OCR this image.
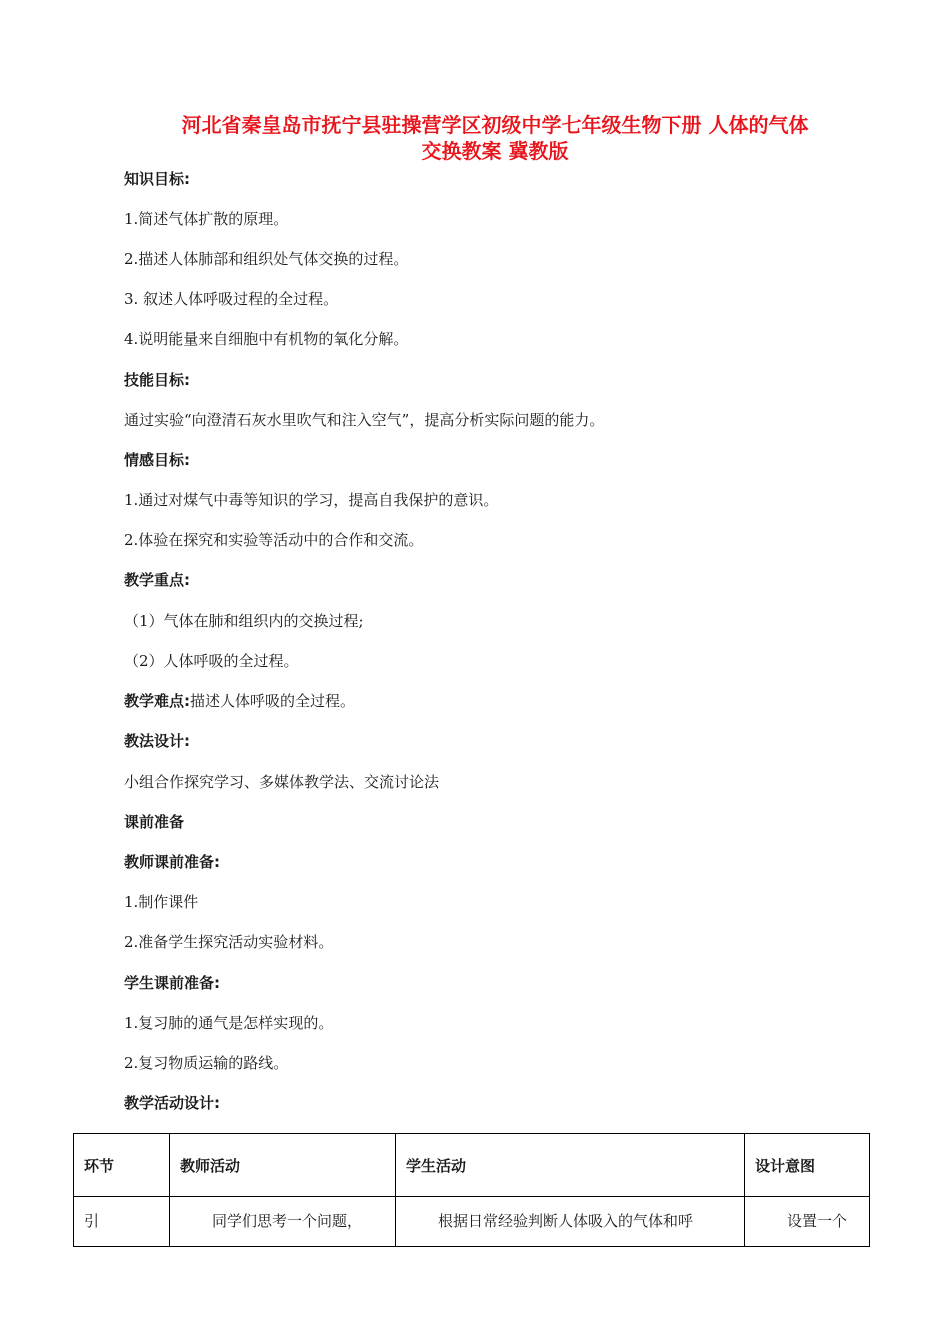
河北省秦皇岛市抚宁县驻操营学区初级中学七年级生物下册 人体的气体
交换教案 冀教版
知识目标:
1.简述气体扩散的原理。
2.描述人体肺部和组织处气体交换的过程。
3. 叙述人体呼吸过程的全过程。
4.说明能量来自细胞中有机物的氧化分解。
技能目标:
通过实验“向澄清石灰水里吹气和注入空气”，提高分析实际问题的能力。
情感目标:
1.通过对煤气中毒等知识的学习，提高自我保护的意识。
2.体验在探究和实验等活动中的合作和交流。
教学重点:
（1）气体在肺和组织内的交换过程;
（2）人体呼吸的全过程。
教学难点:描述人体呼吸的全过程。
教法设计:
小组合作探究学习、多媒体教学法、交流讨论法
课前准备
教师课前准备:
1.制作课件
2.准备学生探究活动实验材料。
学生课前准备:
1.复习肺的通气是怎样实现的。
2.复习物质运输的路线。
教学活动设计:
环节	教师活动	学生活动	设计意图
引	同学们思考一个问题，	根据日常经验判断人体吸入的气体和呼	设置一个
